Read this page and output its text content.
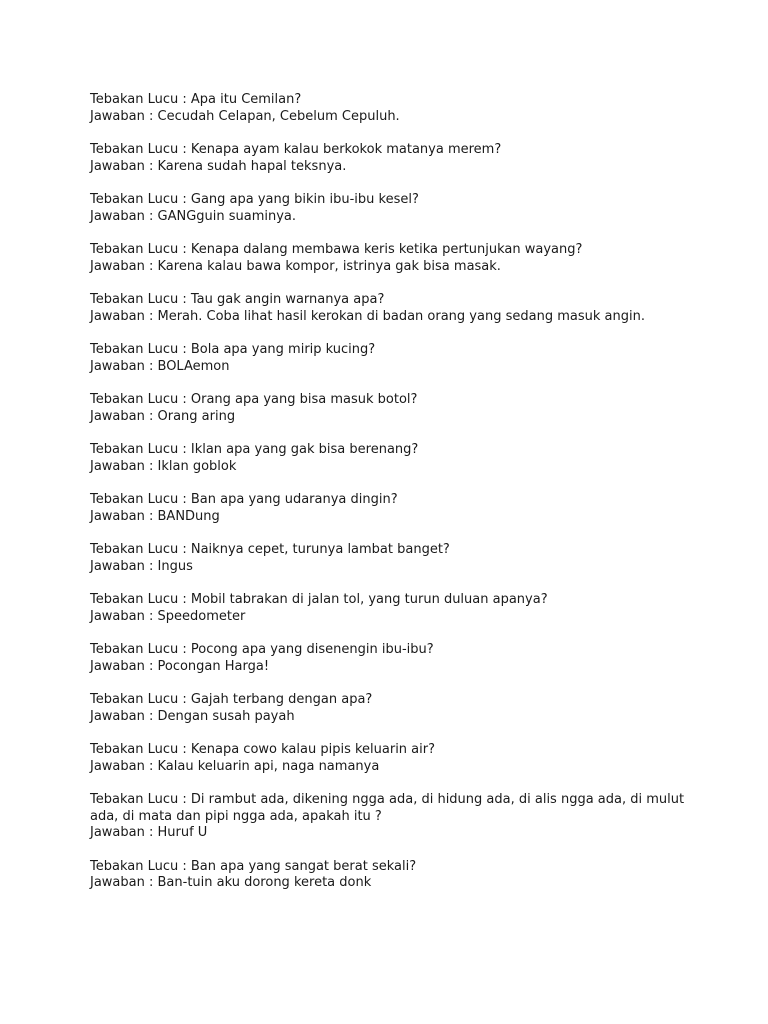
Tebakan Lucu : Apa itu Cemilan?

Jawaban : Cecudah Celapan, Cebelum Cepuluh.

Tebakan Lucu : Kenapa ayam kalau berkokok matanya merem?

Jawaban : Karena sudah hapal teksnya.

Tebakan Lucu : Gang apa yang bikin ibu-ibu kesel?

Jawaban : GANGguin suaminya.

Tebakan Lucu : Kenapa dalang membawa keris ketika pertunjukan wayang?

Jawaban : Karena kalau bawa kompor, istrinya gak bisa masak.

Tebakan Lucu : Tau gak angin warnanya apa?

Jawaban : Merah. Coba lihat hasil kerokan di badan orang yang sedang masuk angin.

Tebakan Lucu : Bola apa yang mirip kucing?

Jawaban : BOLAemon

Tebakan Lucu : Orang apa yang bisa masuk botol?

Jawaban : Orang aring

Tebakan Lucu : Iklan apa yang gak bisa berenang?

Jawaban : Iklan goblok

Tebakan Lucu : Ban apa yang udaranya dingin?

Jawaban : BANDung

Tebakan Lucu : Naiknya cepet, turunya lambat banget?

Jawaban : Ingus

Tebakan Lucu : Mobil tabrakan di jalan tol, yang turun duluan apanya?

Jawaban : Speedometer

Tebakan Lucu : Pocong apa yang disenengin ibu-ibu?

Jawaban : Pocongan Harga!

Tebakan Lucu : Gajah terbang dengan apa?

Jawaban : Dengan susah payah

Tebakan Lucu : Kenapa cowo kalau pipis keluarin air?

Jawaban : Kalau keluarin api, naga namanya

Tebakan Lucu : Di rambut ada, dikening ngga ada, di hidung ada, di alis ngga ada, di mulut ada, di mata dan pipi ngga ada, apakah itu ?

Jawaban : Huruf U

Tebakan Lucu : Ban apa yang sangat berat sekali?

Jawaban : Ban-tuin aku dorong kereta donk
